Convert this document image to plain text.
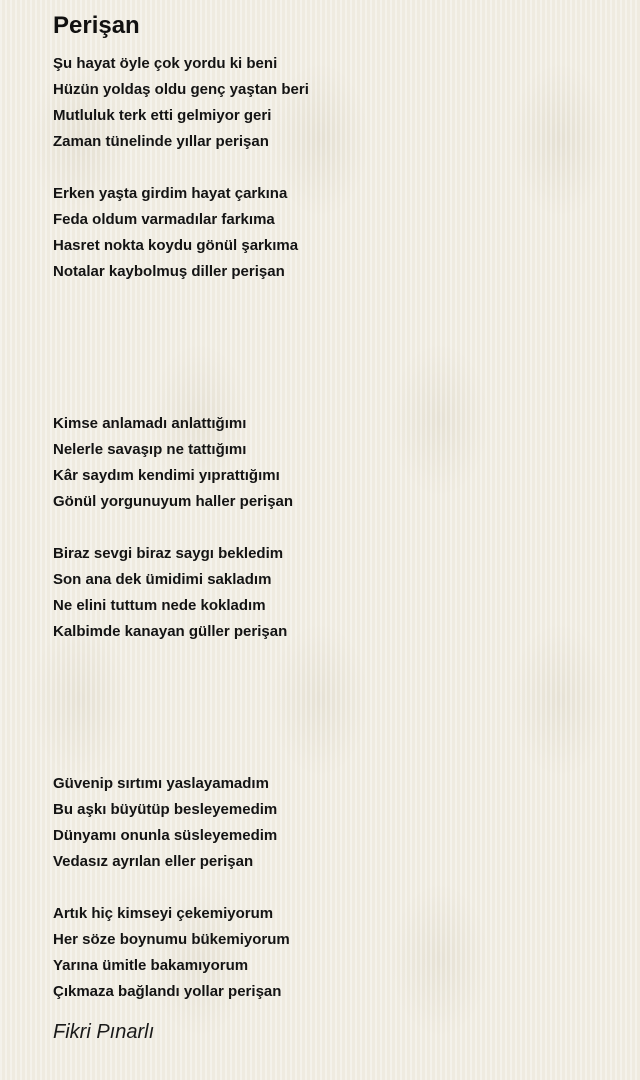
Perişan

Şu hayat öyle çok yordu ki beni

Hüzün yoldaş oldu genç yaştan beri

Mutluluk terk etti gelmiyor geri

Zaman tünelinde yıllar perişan

Erken yaşta girdim hayat çarkına

Feda oldum varmadılar farkıma

Hasret nokta koydu gönül şarkıma

Notalar kaybolmuş diller perişan

Kimse anlamadı anlattığımı

Nelerle savaşıp ne tattığımı

Kâr saydım kendimi yıprattığımı

Gönül yorgunuyum haller perişan

Biraz sevgi biraz saygı bekledim

Son ana dek ümidimi sakladım

Ne elini tuttum nede kokladım

Kalbimde kanayan güller perişan

Güvenip sırtımı yaslayamadım

Bu aşkı büyütüp besleyemedim

Dünyamı onunla süsleyemedim

Vedasız ayrılan eller perişan

Artık hiç kimseyi çekemiyorum

Her söze boynumu bükemiyorum

Yarına ümitle bakamıyorum

Çıkmaza bağlandı yollar perişan

Fikri Pınarlı
